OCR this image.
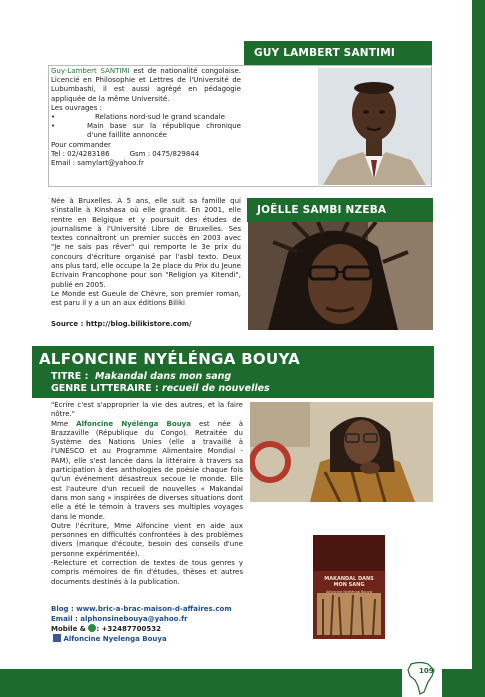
GUY LAMBERT SANTIMI

Guy-Lambert SANTIMI est de nationalité congolaise. Licencié en Philosophie et Lettres de l'Université de Lubumbashi, il est aussi agrégé en pédagogie appliquée de la même Université.

Les ouvrages :

•	Relations nord-sud le grand scandale
•	Main base sur la république chronique d'une faillite annoncée

Pour commander

Tel : 02/4283186         Gsm : 0475/829844

Email : samylart@yahoo.fr

JOËLLE SAMBI NZEBA

Née à Bruxelles. A 5 ans, elle suit sa famille qui s'installe à Kinshasa où elle grandit. En 2001, elle rentre en Belgique et y poursuit des études de journalisme à l'Université Libre de Bruxelles. Ses textes connaîtront un premier succès en 2003 avec "Je ne sais pas rêver" qui remporte le 3e prix du concours d'écriture organisé par l'asbl texto. Deux ans plus tard, elle occupe la 2e place du Prix du Jeune Ecrivain Francophone pour son "Religion ya Kitendi", publié en 2005.

Le Monde est Gueule de Chèvre, son premier roman, est paru il y a un an aux éditions Biliki

Source : http://blog.bilikistore.com/
ALFONCINE NYÉLÉNGA BOUYA
TITRE : Makandal dans mon sang
GENRE LITTERAIRE : recueil de nouvelles

"Ecrire c'est s'approprier la vie des autres, et la faire nôtre."

Mme Alfoncine Nyélénga Bouya est née à Brazzaville (République du Congo). Retraitée du Système des Nations Unies (elle a travaillé à l'UNESCO et au Programme Alimentaire Mondial - PAM), elle s'est lancée dans la littéraire à travers sa participation à des anthologies de poésie chaque fois qu'un événement désastreux secoue le monde. Elle est l'auteure d'un recueil de nouvelles « Makandal dans mon sang » inspirées de diverses situations dont elle a été le témoin à travers ses multiples voyages dans le monde.

Outre l'écriture, Mme Alfoncine vient en aide aux personnes en difficultés confrontées à des problèmes divers (manque d'écoute, besoin des conseils d'une personne expérimentée).

-Relecture et correction de textes de tous genres y compris mémoires de fin d'études, thèses et autres documents destinés à la publication.	MAKANDAL DANS MON SANG
Alfoncine Nyélénga Bouya
Blog : www.bric-a-brac-maison-d-affaires.com
Email : alphonsinebouya@yahoo.fr
Mobile & : +32487700532
Alfoncine Nyelenga Bouya
109
